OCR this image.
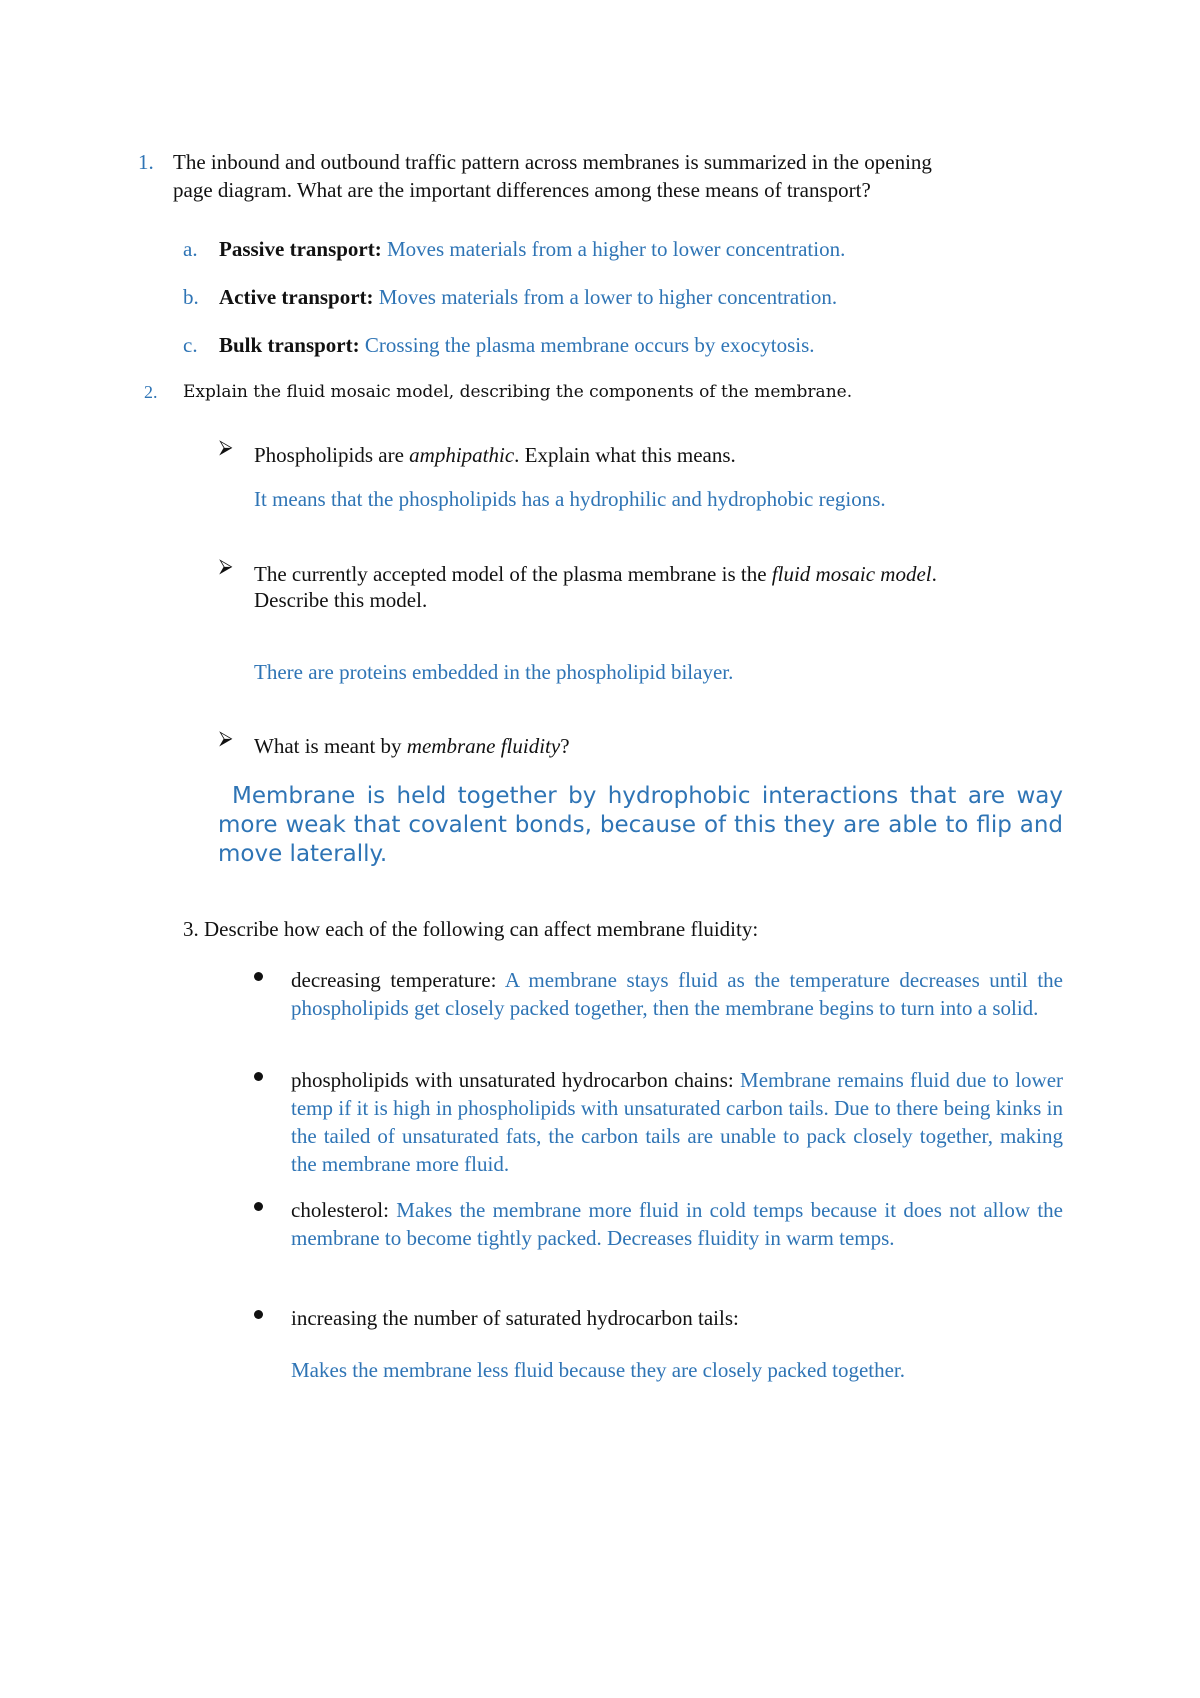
1. The inbound and outbound traffic pattern across membranes is summarized in the opening
page diagram. What are the important differences among these means of transport?
a. Passive transport: Moves materials from a higher to lower concentration.
b. Active transport: Moves materials from a lower to higher concentration.
c. Bulk transport: Crossing the plasma membrane occurs by exocytosis.
2. Explain the fluid mosaic model, describing the components of the membrane.
⮚ Phospholipids are amphipathic. Explain what this means.
It means that the phospholipids has a hydrophilic and hydrophobic regions.
⮚ The currently accepted model of the plasma membrane is the fluid mosaic model.
Describe this model.
There are proteins embedded in the phospholipid bilayer.
⮚ What is meant by membrane fluidity?
Membrane is held together by hydrophobic interactions that are way more weak that covalent bonds, because of this they are able to flip and move laterally.
3. Describe how each of the following can affect membrane fluidity:
decreasing temperature: A membrane stays fluid as the temperature decreases until the phospholipids get closely packed together, then the membrane begins to turn into a solid.
phospholipids with unsaturated hydrocarbon chains: Membrane remains fluid due to lower temp if it is high in phospholipids with unsaturated carbon tails. Due to there being kinks in the tailed of unsaturated fats, the carbon tails are unable to pack closely together, making the membrane more fluid.
cholesterol: Makes the membrane more fluid in cold temps because it does not allow the membrane to become tightly packed. Decreases fluidity in warm temps.
increasing the number of saturated hydrocarbon tails:
Makes the membrane less fluid because they are closely packed together.
